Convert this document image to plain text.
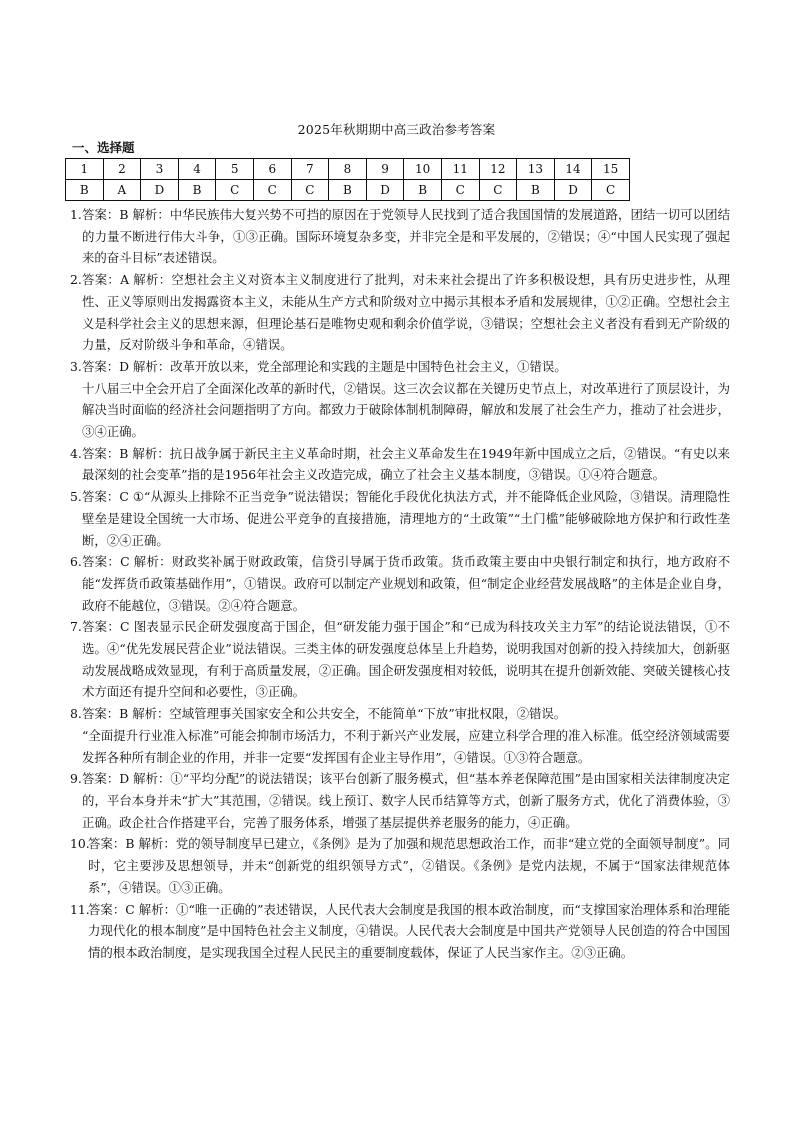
2025年秋期期中高三政治参考答案
一、选择题
1	2	3	4	5	6	7	8	9	10	11	12	13	14	15
B	A	D	B	C	C	C	B	D	B	C	C	B	D	C
1. 答案：B 解析：中华民族伟大复兴势不可挡的原因在于党领导人民找到了适合我国国情的发展道路，团结一切可以团结的力量不断进行伟大斗争，①③正确。国际环境复杂多变，并非完全是和平发展的，②错误；④“中国人民实现了强起来的奋斗目标”表述错误。

2. 答案：A 解析：空想社会主义对资本主义制度进行了批判，对未来社会提出了许多积极设想，具有历史进步性，从理性、正义等原则出发揭露资本主义，未能从生产方式和阶级对立中揭示其根本矛盾和发展规律，①②正确。空想社会主义是科学社会主义的思想来源，但理论基石是唯物史观和剩余价值学说，③错误；空想社会主义者没有看到无产阶级的力量，反对阶级斗争和革命，④错误。

3. 答案：D 解析：改革开放以来，党全部理论和实践的主题是中国特色社会主义，①错误。

十八届三中全会开启了全面深化改革的新时代，②错误。这三次会议都在关键历史节点上，对改革进行了顶层设计，为解决当时面临的经济社会问题指明了方向。都致力于破除体制机制障碍，解放和发展了社会生产力，推动了社会进步，③④正确。

4. 答案：B 解析：抗日战争属于新民主主义革命时期，社会主义革命发生在1949年新中国成立之后，②错误。“有史以来最深刻的社会变革”指的是1956年社会主义改造完成，确立了社会主义基本制度，③错误。①④符合题意。

5. 答案：C ①“从源头上排除不正当竞争”说法错误；智能化手段优化执法方式，并不能降低企业风险，③错误。清理隐性壁垒是建设全国统一大市场、促进公平竞争的直接措施，清理地方的“土政策”“土门槛”能够破除地方保护和行政性垄断，②④正确。

6. 答案：C 解析：财政奖补属于财政政策，信贷引导属于货币政策。货币政策主要由中央银行制定和执行，地方政府不能“发挥货币政策基础作用”，①错误。政府可以制定产业规划和政策，但“制定企业经营发展战略”的主体是企业自身，政府不能越位，③错误。②④符合题意。

7. 答案：C 图表显示民企研发强度高于国企，但“研发能力强于国企”和“已成为科技攻关主力军”的结论说法错误，①不选。④“优先发展民营企业”说法错误。三类主体的研发强度总体呈上升趋势，说明我国对创新的投入持续加大，创新驱动发展战略成效显现，有利于高质量发展，②正确。国企研发强度相对较低，说明其在提升创新效能、突破关键核心技术方面还有提升空间和必要性，③正确。

8. 答案：B 解析：空域管理事关国家安全和公共安全，不能简单“下放”审批权限，②错误。

“全面提升行业准入标准”可能会抑制市场活力，不利于新兴产业发展，应建立科学合理的准入标准。低空经济领域需要发挥各种所有制企业的作用，并非一定要“发挥国有企业主导作用”，④错误。①③符合题意。

9. 答案：D 解析：①“平均分配”的说法错误；该平台创新了服务模式，但“基本养老保障范围”是由国家相关法律制度决定的，平台本身并未“扩大”其范围，②错误。线上预订、数字人民币结算等方式，创新了服务方式，优化了消费体验，③正确。政企社合作搭建平台，完善了服务体系，增强了基层提供养老服务的能力，④正确。

10.

答案：B 解析：党的领导制度早已建立，《条例》是为了加强和规范思想政治工作，而非“建立党的全面领导制度”。同时，它主要涉及思想领导，并未“创新党的组织领导方式”，②错误。《条例》是党内法规，不属于“国家法律规范体系”，④错误。①③正确。

11.

答案：C 解析：①“唯一正确的”表述错误，人民代表大会制度是我国的根本政治制度，而“支撑国家治理体系和治理能力现代化的根本制度”是中国特色社会主义制度，④错误。人民代表大会制度是中国共产党领导人民创造的符合中国国情的根本政治制度，是实现我国全过程人民民主的重要制度载体，保证了人民当家作主。②③正确。
